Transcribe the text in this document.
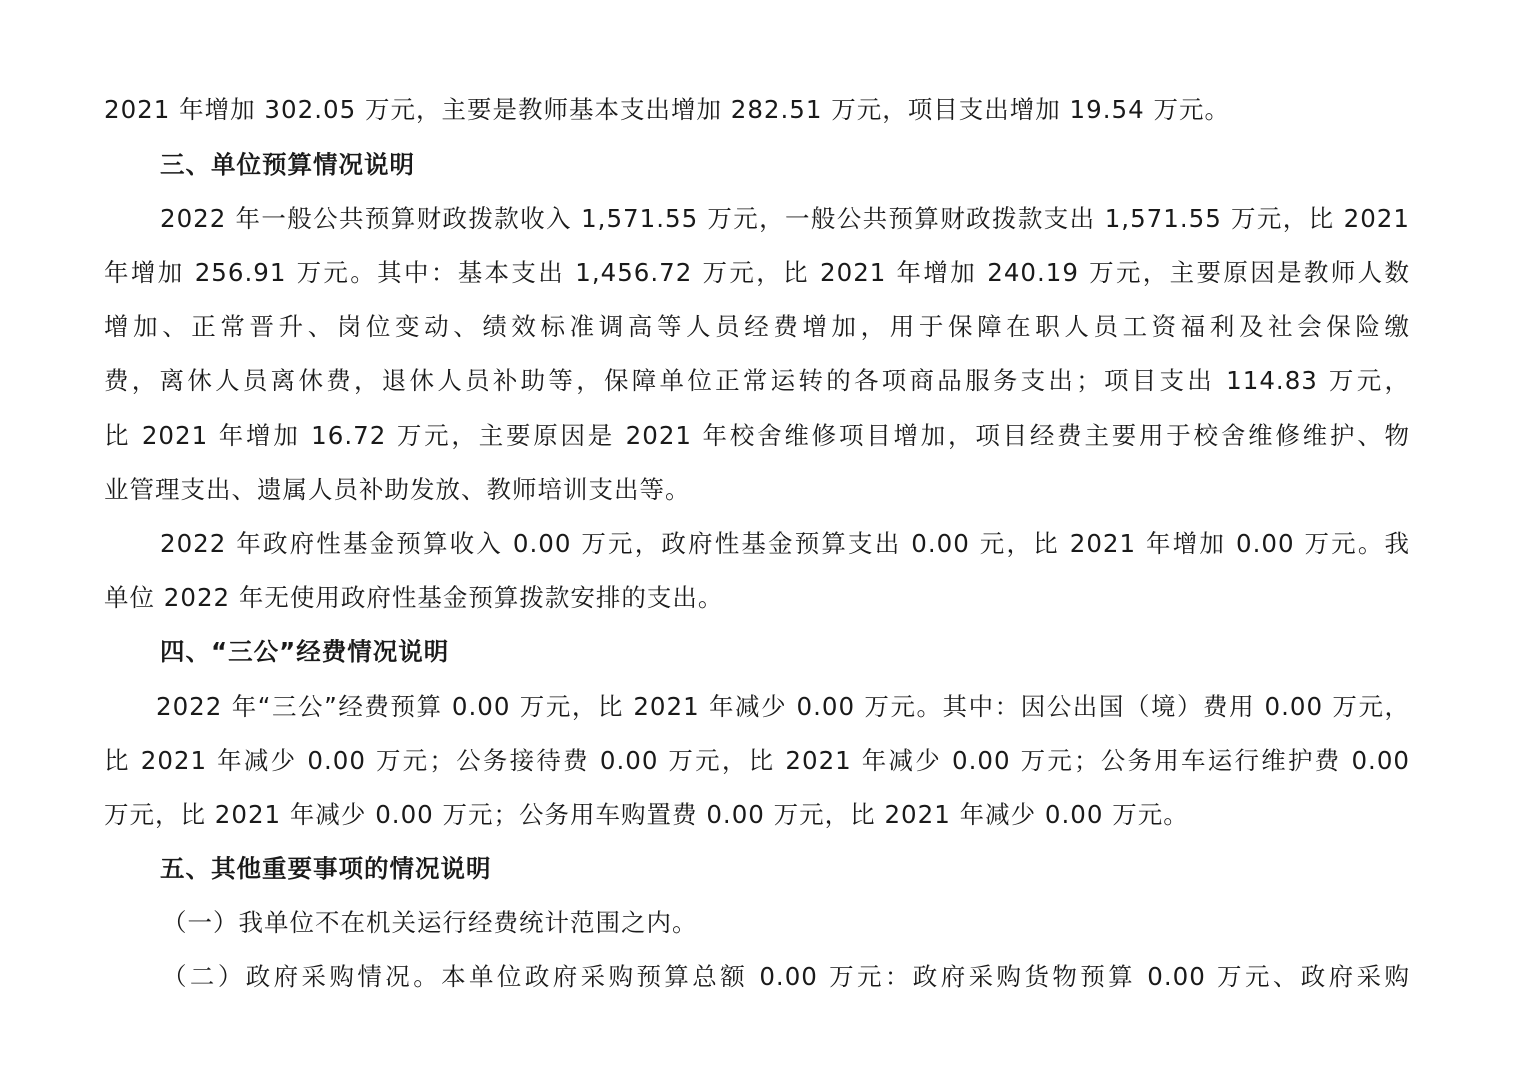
2021 年增加 302.05 万元，主要是教师基本支出增加 282.51 万元，项目支出增加 19.54 万元。
三、单位预算情况说明
2022 年一般公共预算财政拨款收入 1,571.55 万元，一般公共预算财政拨款支出 1,571.55 万元，比 2021
年增加 256.91 万元。其中：基本支出 1,456.72 万元，比 2021 年增加 240.19 万元，主要原因是教师人数
增加、正常晋升、岗位变动、绩效标准调高等人员经费增加，用于保障在职人员工资福利及社会保险缴
费，离休人员离休费，退休人员补助等，保障单位正常运转的各项商品服务支出；项目支出 114.83 万元，
比 2021 年增加 16.72 万元，主要原因是 2021 年校舍维修项目增加，项目经费主要用于校舍维修维护、物
业管理支出、遗属人员补助发放、教师培训支出等。
2022 年政府性基金预算收入 0.00 万元，政府性基金预算支出 0.00 元，比 2021 年增加 0.00 万元。我
单位 2022 年无使用政府性基金预算拨款安排的支出。
四、“三公”经费情况说明
2022 年“三公”经费预算 0.00 万元，比 2021 年减少 0.00 万元。其中：因公出国（境）费用 0.00 万元，
比 2021 年减少 0.00 万元；公务接待费 0.00 万元，比 2021 年减少 0.00 万元；公务用车运行维护费 0.00
万元，比 2021 年减少 0.00 万元；公务用车购置费 0.00 万元，比 2021 年减少 0.00 万元。
五、其他重要事项的情况说明
（一）我单位不在机关运行经费统计范围之内。
（二）政府采购情况。本单位政府采购预算总额 0.00 万元：政府采购货物预算 0.00 万元、政府采购
